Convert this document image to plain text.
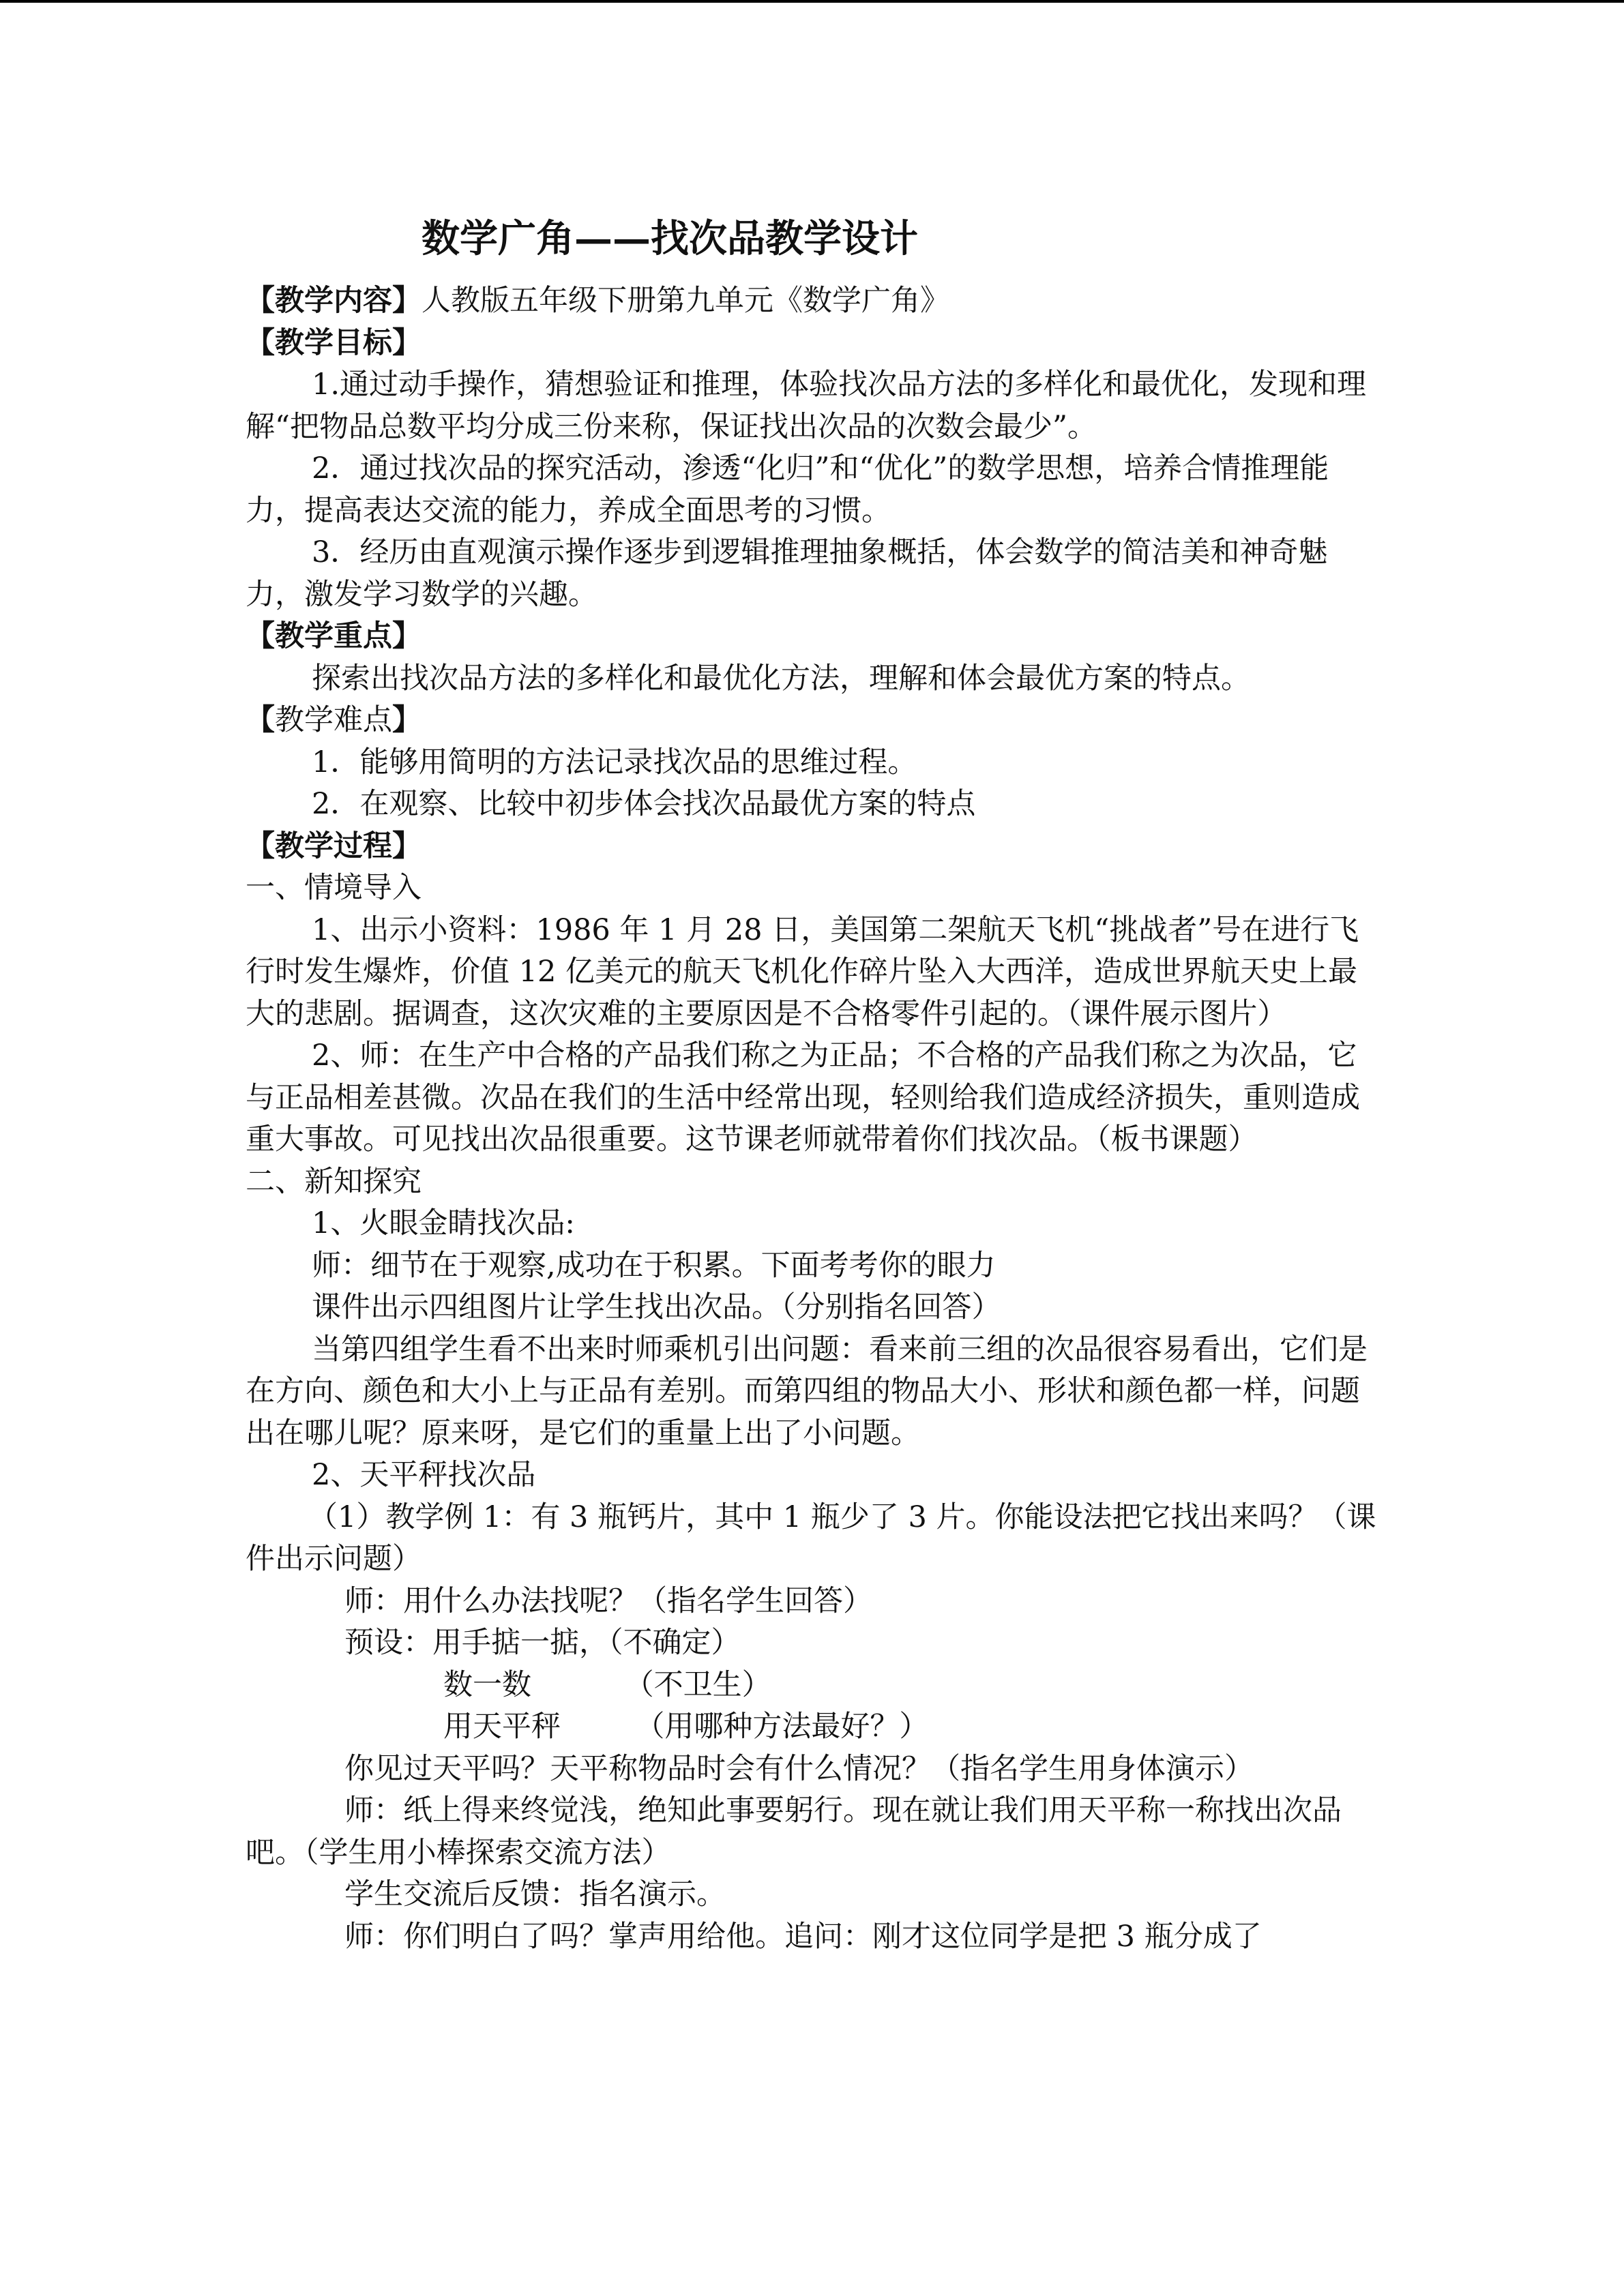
数学广角——找次品教学设计

【教学内容】人教版五年级下册第九单元《数学广角》

【教学目标】

1.通过动手操作，猜想验证和推理，体验找次品方法的多样化和最优化，发现和理解“把物品总数平均分成三份来称，保证找出次品的次数会最少”。

2．通过找次品的探究活动，渗透“化归”和“优化”的数学思想，培养合情推理能力，提高表达交流的能力，养成全面思考的习惯。

3．经历由直观演示操作逐步到逻辑推理抽象概括，体会数学的简洁美和神奇魅力，激发学习数学的兴趣。

【教学重点】

探索出找次品方法的多样化和最优化方法，理解和体会最优方案的特点。

【教学难点】

1．能够用简明的方法记录找次品的思维过程。

2．在观察、比较中初步体会找次品最优方案的特点

【教学过程】

一、情境导入

1、出示小资料：1986 年 1 月 28 日，美国第二架航天飞机“挑战者”号在进行飞行时发生爆炸，价值 12 亿美元的航天飞机化作碎片坠入大西洋，造成世界航天史上最大的悲剧。据调查，这次灾难的主要原因是不合格零件引起的。（课件展示图片）

2、师：在生产中合格的产品我们称之为正品；不合格的产品我们称之为次品，它与正品相差甚微。次品在我们的生活中经常出现，轻则给我们造成经济损失，重则造成重大事故。可见找出次品很重要。这节课老师就带着你们找次品。（板书课题）

二、新知探究

1、火眼金睛找次品:

师：细节在于观察,成功在于积累。下面考考你的眼力

课件出示四组图片让学生找出次品。（分别指名回答）

当第四组学生看不出来时师乘机引出问题：看来前三组的次品很容易看出，它们是在方向、颜色和大小上与正品有差别。而第四组的物品大小、形状和颜色都一样，问题出在哪儿呢？原来呀，是它们的重量上出了小问题。

2、天平秤找次品

（1）教学例 1：有 3 瓶钙片，其中 1 瓶少了 3 片。你能设法把它找出来吗？（课件出示问题）

师：用什么办法找呢？（指名学生回答）

预设：用手掂一掂，（不确定）

数一数          （不卫生）

用天平秤        （用哪种方法最好？）

你见过天平吗？天平称物品时会有什么情况？（指名学生用身体演示）

师：纸上得来终觉浅，绝知此事要躬行。现在就让我们用天平称一称找出次品吧。（学生用小棒探索交流方法）

学生交流后反馈：指名演示。

师：你们明白了吗？掌声用给他。追问：刚才这位同学是把 3 瓶分成了
